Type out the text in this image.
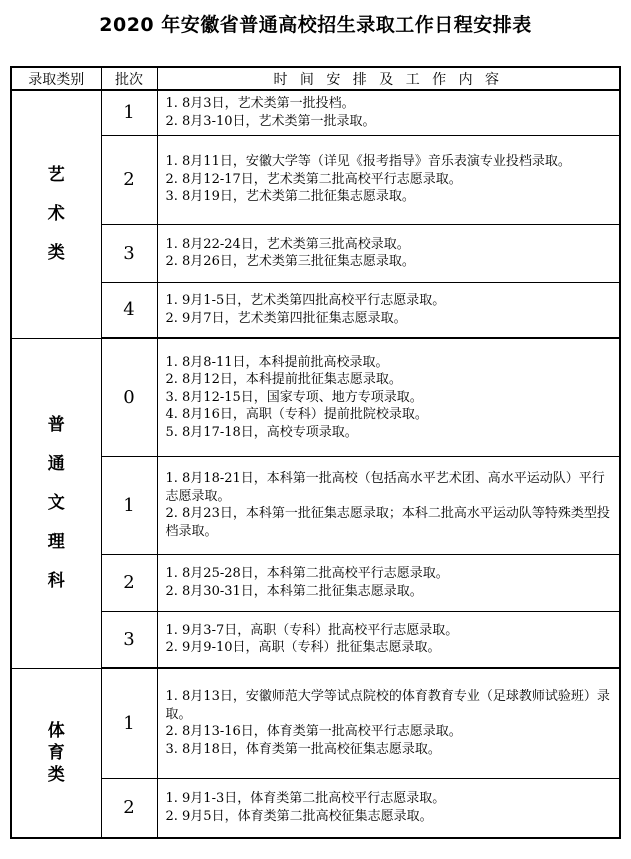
2020 年安徽省普通高校招生录取工作日程安排表
录取类别	批次	时 间 安 排 及 工 作 内 容
艺术类	1	1. 8月3日，艺术类第一批投档。
2. 8月3-10日，艺术类第一批录取。

	2	1. 8月11日，安徽大学等（详见《报考指导》音乐表演专业投档录取。
2. 8月12-17日，艺术类第二批高校平行志愿录取。
3. 8月19日，艺术类第二批征集志愿录取。

	3	1. 8月22-24日，艺术类第三批高校录取。
2. 8月26日，艺术类第三批征集志愿录取。

	4	1. 9月1-5日，艺术类第四批高校平行志愿录取。
2. 9月7日，艺术类第四批征集志愿录取。

普通文理科	0	1. 8月8-11日，本科提前批高校录取。
2. 8月12日，本科提前批征集志愿录取。
3. 8月12-15日，国家专项、地方专项录取。
4. 8月16日，高职（专科）提前批院校录取。
5. 8月17-18日，高校专项录取。

	1	1. 8月18-21日，本科第一批高校（包括高水平艺术团、高水平运动队）平行志愿录取。
2. 8月23日，本科第一批征集志愿录取；本科二批高水平运动队等特殊类型投档录取。

	2	1. 8月25-28日，本科第二批高校平行志愿录取。
2. 8月30-31日，本科第二批征集志愿录取。

	3	1. 9月3-7日，高职（专科）批高校平行志愿录取。
2. 9月9-10日，高职（专科）批征集志愿录取。

体育类	1	1. 8月13日，安徽师范大学等试点院校的体育教育专业（足球教师试验班）录取。
2. 8月13-16日，体育类第一批高校平行志愿录取。
3. 8月18日，体育类第一批高校征集志愿录取。

	2	1. 9月1-3日，体育类第二批高校平行志愿录取。
2. 9月5日，体育类第二批高校征集志愿录取。
